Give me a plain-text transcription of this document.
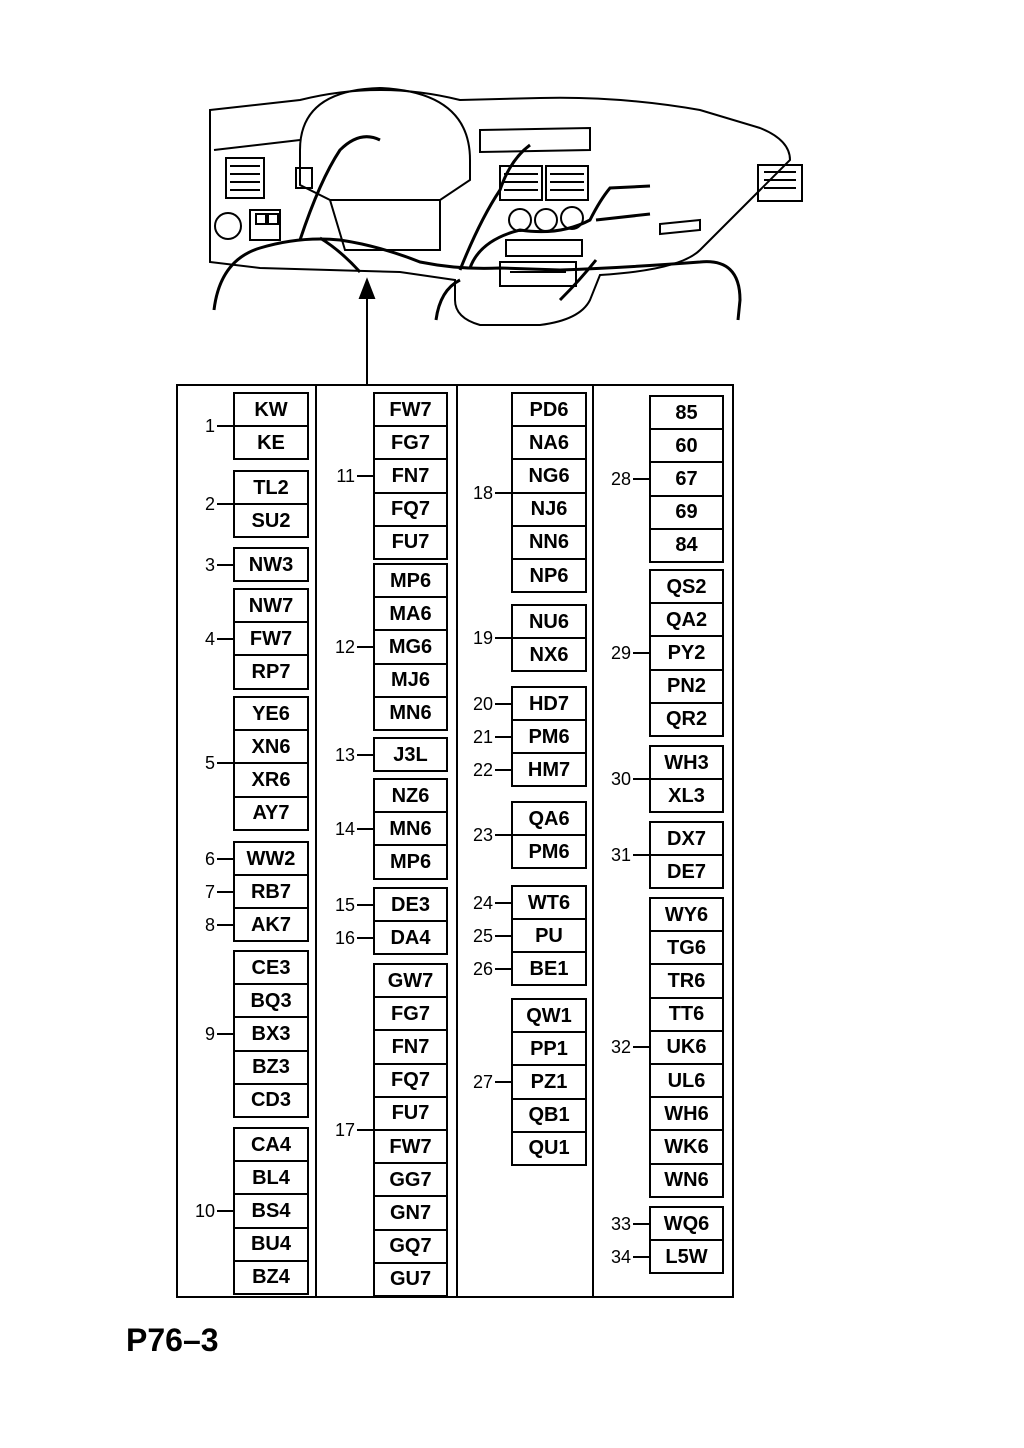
KW
KE
1
TL2
SU2
2
NW3
3
NW7
FW7
RP7
4
YE6
XN6
XR6
AY7
5
WW2
6
RB7
7
AK7
8
CE3
BQ3
BX3
BZ3
CD3
9
CA4
BL4
BS4
BU4
BZ4
10
FW7
FG7
FN7
FQ7
FU7
11
MP6
MA6
MG6
MJ6
MN6
12
J3L
13
NZ6
MN6
MP6
14
DE3
15
DA4
16
GW7
FG7
FN7
FQ7
FU7
FW7
GG7
GN7
GQ7
GU7
17
PD6
NA6
NG6
NJ6
NN6
NP6
18
NU6
NX6
19
HD7
20
PM6
21
HM7
22
QA6
PM6
23
WT6
24
PU
25
BE1
26
QW1
PP1
PZ1
QB1
QU1
27
85
60
67
69
84
28
QS2
QA2
PY2
PN2
QR2
29
WH3
XL3
30
DX7
DE7
31
WY6
TG6
TR6
TT6
UK6
UL6
WH6
WK6
WN6
32
WQ6
33
L5W
34
P76–3
